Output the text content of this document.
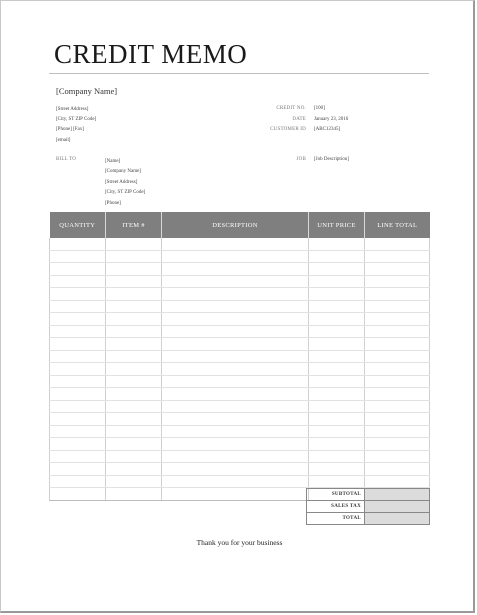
CREDIT MEMO
[Company Name]
[Street Address]
[City, ST ZIP Code]
[Phone] [Fax]
[email]
CREDIT NO. [100]
DATE January 23, 2016
CUSTOMER ID [ABC12345]
BILL TO	[Name]
[Company Name]
[Street Address]
[City, ST ZIP Code]
[Phone]
JOB [Job Description]
QUANTITY	ITEM #	DESCRIPTION	UNIT PRICE	LINE TOTAL

SUBTOTAL	
SALES TAX	
TOTAL	
Thank you for your business
